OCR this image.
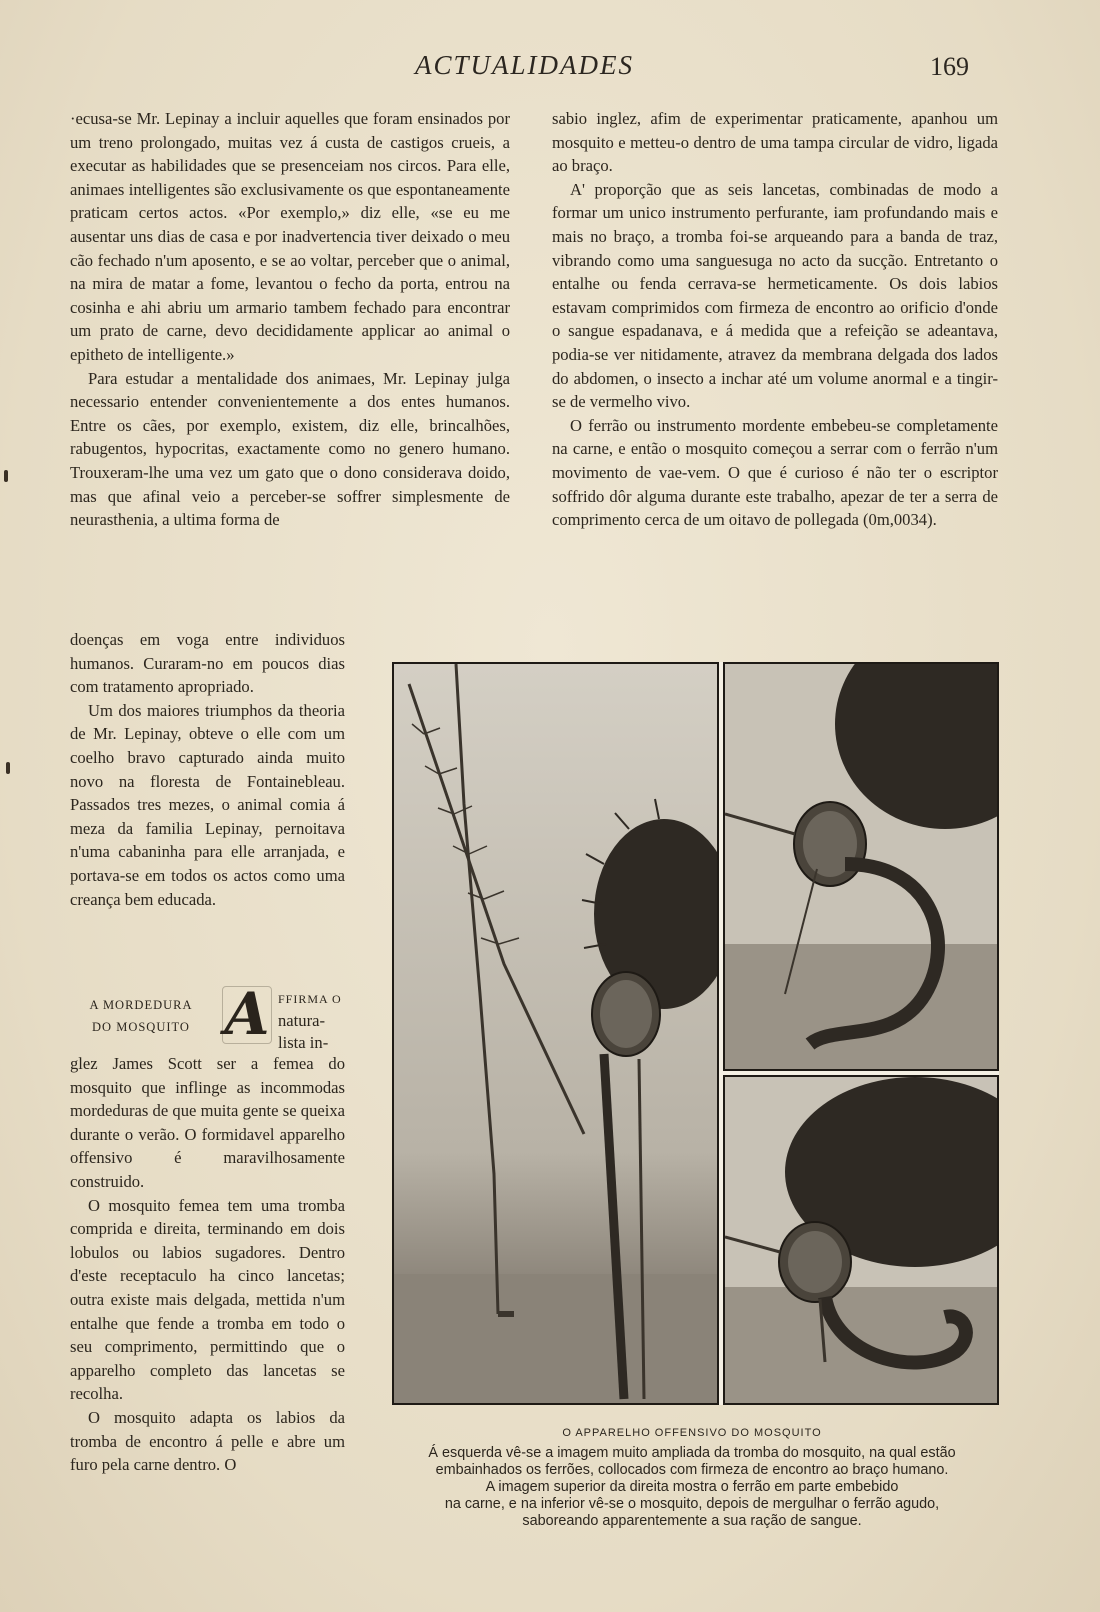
ACTUALIDADES	169

·ecusa-se Mr. Lepinay a incluir aquelles que foram ensinados por um treno prolongado, muitas vez á custa de castigos crueis, a executar as habilidades que se presenceiam nos circos. Para elle, animaes intelligentes são exclusivamente os que espontaneamente praticam certos actos. «Por exemplo,» diz elle, «se eu me ausentar uns dias de casa e por inadvertencia tiver deixado o meu cão fechado n'um aposento, e se ao voltar, perceber que o animal, na mira de matar a fome, levantou o fecho da porta, entrou na cosinha e ahi abriu um armario tambem fechado para encontrar um prato de carne, devo decididamente applicar ao animal o epitheto de intelligente.»

Para estudar a mentalidade dos animaes, Mr. Lepinay julga necessario entender convenientemente a dos entes humanos. Entre os cães, por exemplo, existem, diz elle, brincalhões, rabugentos, hypocritas, exactamente como no genero humano. Trouxeram-lhe uma vez um gato que o dono considerava doido, mas que afinal veio a perceber-se soffrer simplesmente de neurasthenia, a ultima forma de

doenças em voga entre individuos humanos. Curaram-no em poucos dias com tratamento apropriado.

Um dos maiores triumphos da theoria de Mr. Lepinay, obteve o elle com um coelho bravo capturado ainda muito novo na floresta de Fontainebleau. Passados tres mezes, o animal comia á meza da familia Lepinay, pernoitava n'uma cabaninha para elle arranjada, e portava-se em todos os actos como uma creança bem educada.

sabio inglez, afim de experimentar praticamente, apanhou um mosquito e metteu-o dentro de uma tampa circular de vidro, ligada ao braço.

A' proporção que as seis lancetas, combinadas de modo a formar um unico instrumento perfurante, iam profundando mais e mais no braço, a tromba foi-se arqueando para a banda de traz, vibrando como uma sanguesuga no acto da sucção. Entretanto o entalhe ou fenda cerrava-se hermeticamente. Os dois labios estavam comprimidos com firmeza de encontro ao orificio d'onde o sangue espadanava, e á medida que a refeição se adeantava, podia-se ver nitidamente, atravez da membrana delgada dos lados do abdomen, o insecto a inchar até um volume anormal e a tingir-se de vermelho vivo.

O ferrão ou instrumento mordente embebeu-se completamente na carne, e então o mosquito começou a serrar com o ferrão n'um movimento de vae-vem. O que é curioso é não ter o escriptor soffrido dôr alguma durante este trabalho, apezar de ter a serra de comprimento cerca de um oitavo de pollegada (0m,0034).

A MORDEDURA
DO MOSQUITO A FFIRMA O
natura-
lista in-

glez James Scott ser a femea do mosquito que inflinge as incommodas mordeduras de que muita gente se queixa durante o verão. O formidavel apparelho offensivo é maravilhosamente construido.

O mosquito femea tem uma tromba comprida e direita, terminando em dois lobulos ou labios sugadores. Dentro d'este receptaculo ha cinco lancetas; outra existe mais delgada, mettida n'um entalhe que fende a tromba em todo o seu comprimento, permittindo que o apparelho completo das lancetas se recolha.

O mosquito adapta os labios da tromba de encontro á pelle e abre um furo pela carne dentro. O

O APPARELHO OFFENSIVO DO MOSQUITO

Á esquerda vê-se a imagem muito ampliada da tromba do mosquito, na qual estão

embainhados os ferrões, collocados com firmeza de encontro ao braço humano.

A imagem superior da direita mostra o ferrão em parte embebido

na carne, e na inferior vê-se o mosquito, depois de mergulhar o ferrão agudo,

saboreando apparentemente a sua ração de sangue.
